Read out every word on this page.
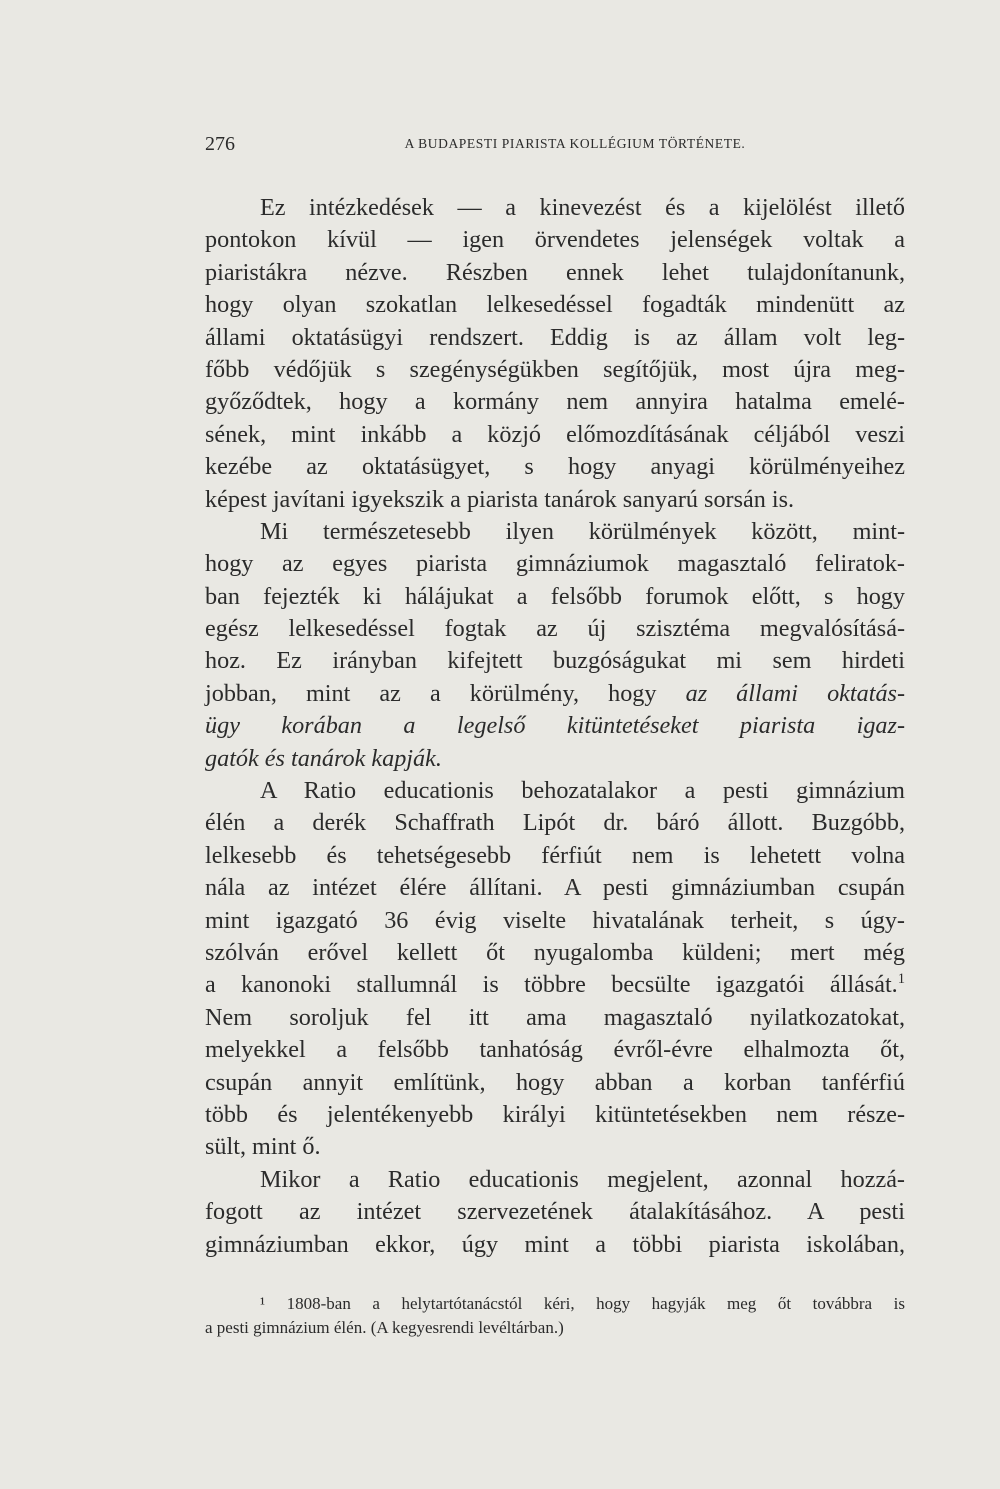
276	A BUDAPESTI PIARISTA KOLLÉGIUM TÖRTÉNETE.
Ez intézkedések — a kinevezést és a kijelölést illető
pontokon kívül — igen örvendetes jelenségek voltak a
piaristákra nézve. Részben ennek lehet tulajdonítanunk,
hogy olyan szokatlan lelkesedéssel fogadták mindenütt az
állami oktatásügyi rendszert. Eddig is az állam volt leg-
főbb védőjük s szegénységükben segítőjük, most újra meg-
győződtek, hogy a kormány nem annyira hatalma emelé-
sének, mint inkább a közjó előmozdításának céljából veszi
kezébe az oktatásügyet, s hogy anyagi körülményeihez
képest javítani igyekszik a piarista tanárok sanyarú sorsán is.
Mi természetesebb ilyen körülmények között, mint-
hogy az egyes piarista gimnáziumok magasztaló feliratok-
ban fejezték ki hálájukat a felsőbb forumok előtt, s hogy
egész lelkesedéssel fogtak az új szisztéma megvalósításá-
hoz. Ez irányban kifejtett buzgóságukat mi sem hirdeti
jobban, mint az a körülmény, hogy az állami oktatás-
ügy korában a legelső kitüntetéseket piarista igaz-
gatók és tanárok kapják.
A Ratio educationis behozatalakor a pesti gimnázium
élén a derék Schaffrath Lipót dr. báró állott. Buzgóbb,
lelkesebb és tehetségesebb férfiút nem is lehetett volna
nála az intézet élére állítani. A pesti gimnáziumban csupán
mint igazgató 36 évig viselte hivatalának terheit, s úgy-
szólván erővel kellett őt nyugalomba küldeni; mert még
a kanonoki stallumnál is többre becsülte igazgatói állását.$^1$
Nem soroljuk fel itt ama magasztaló nyilatkozatokat,
melyekkel a felsőbb tanhatóság évről-évre elhalmozta őt,
csupán annyit említünk, hogy abban a korban tanférfiú
több és jelentékenyebb királyi kitüntetésekben nem része-
sült, mint ő.
Mikor a Ratio educationis megjelent, azonnal hozzá-
fogott az intézet szervezetének átalakításához. A pesti
gimnáziumban ekkor, úgy mint a többi piarista iskolában,
¹ 1808-ban a helytartótanácstól kéri, hogy hagyják meg őt továbbra is
a pesti gimnázium élén. (A kegyesrendi levéltárban.)
